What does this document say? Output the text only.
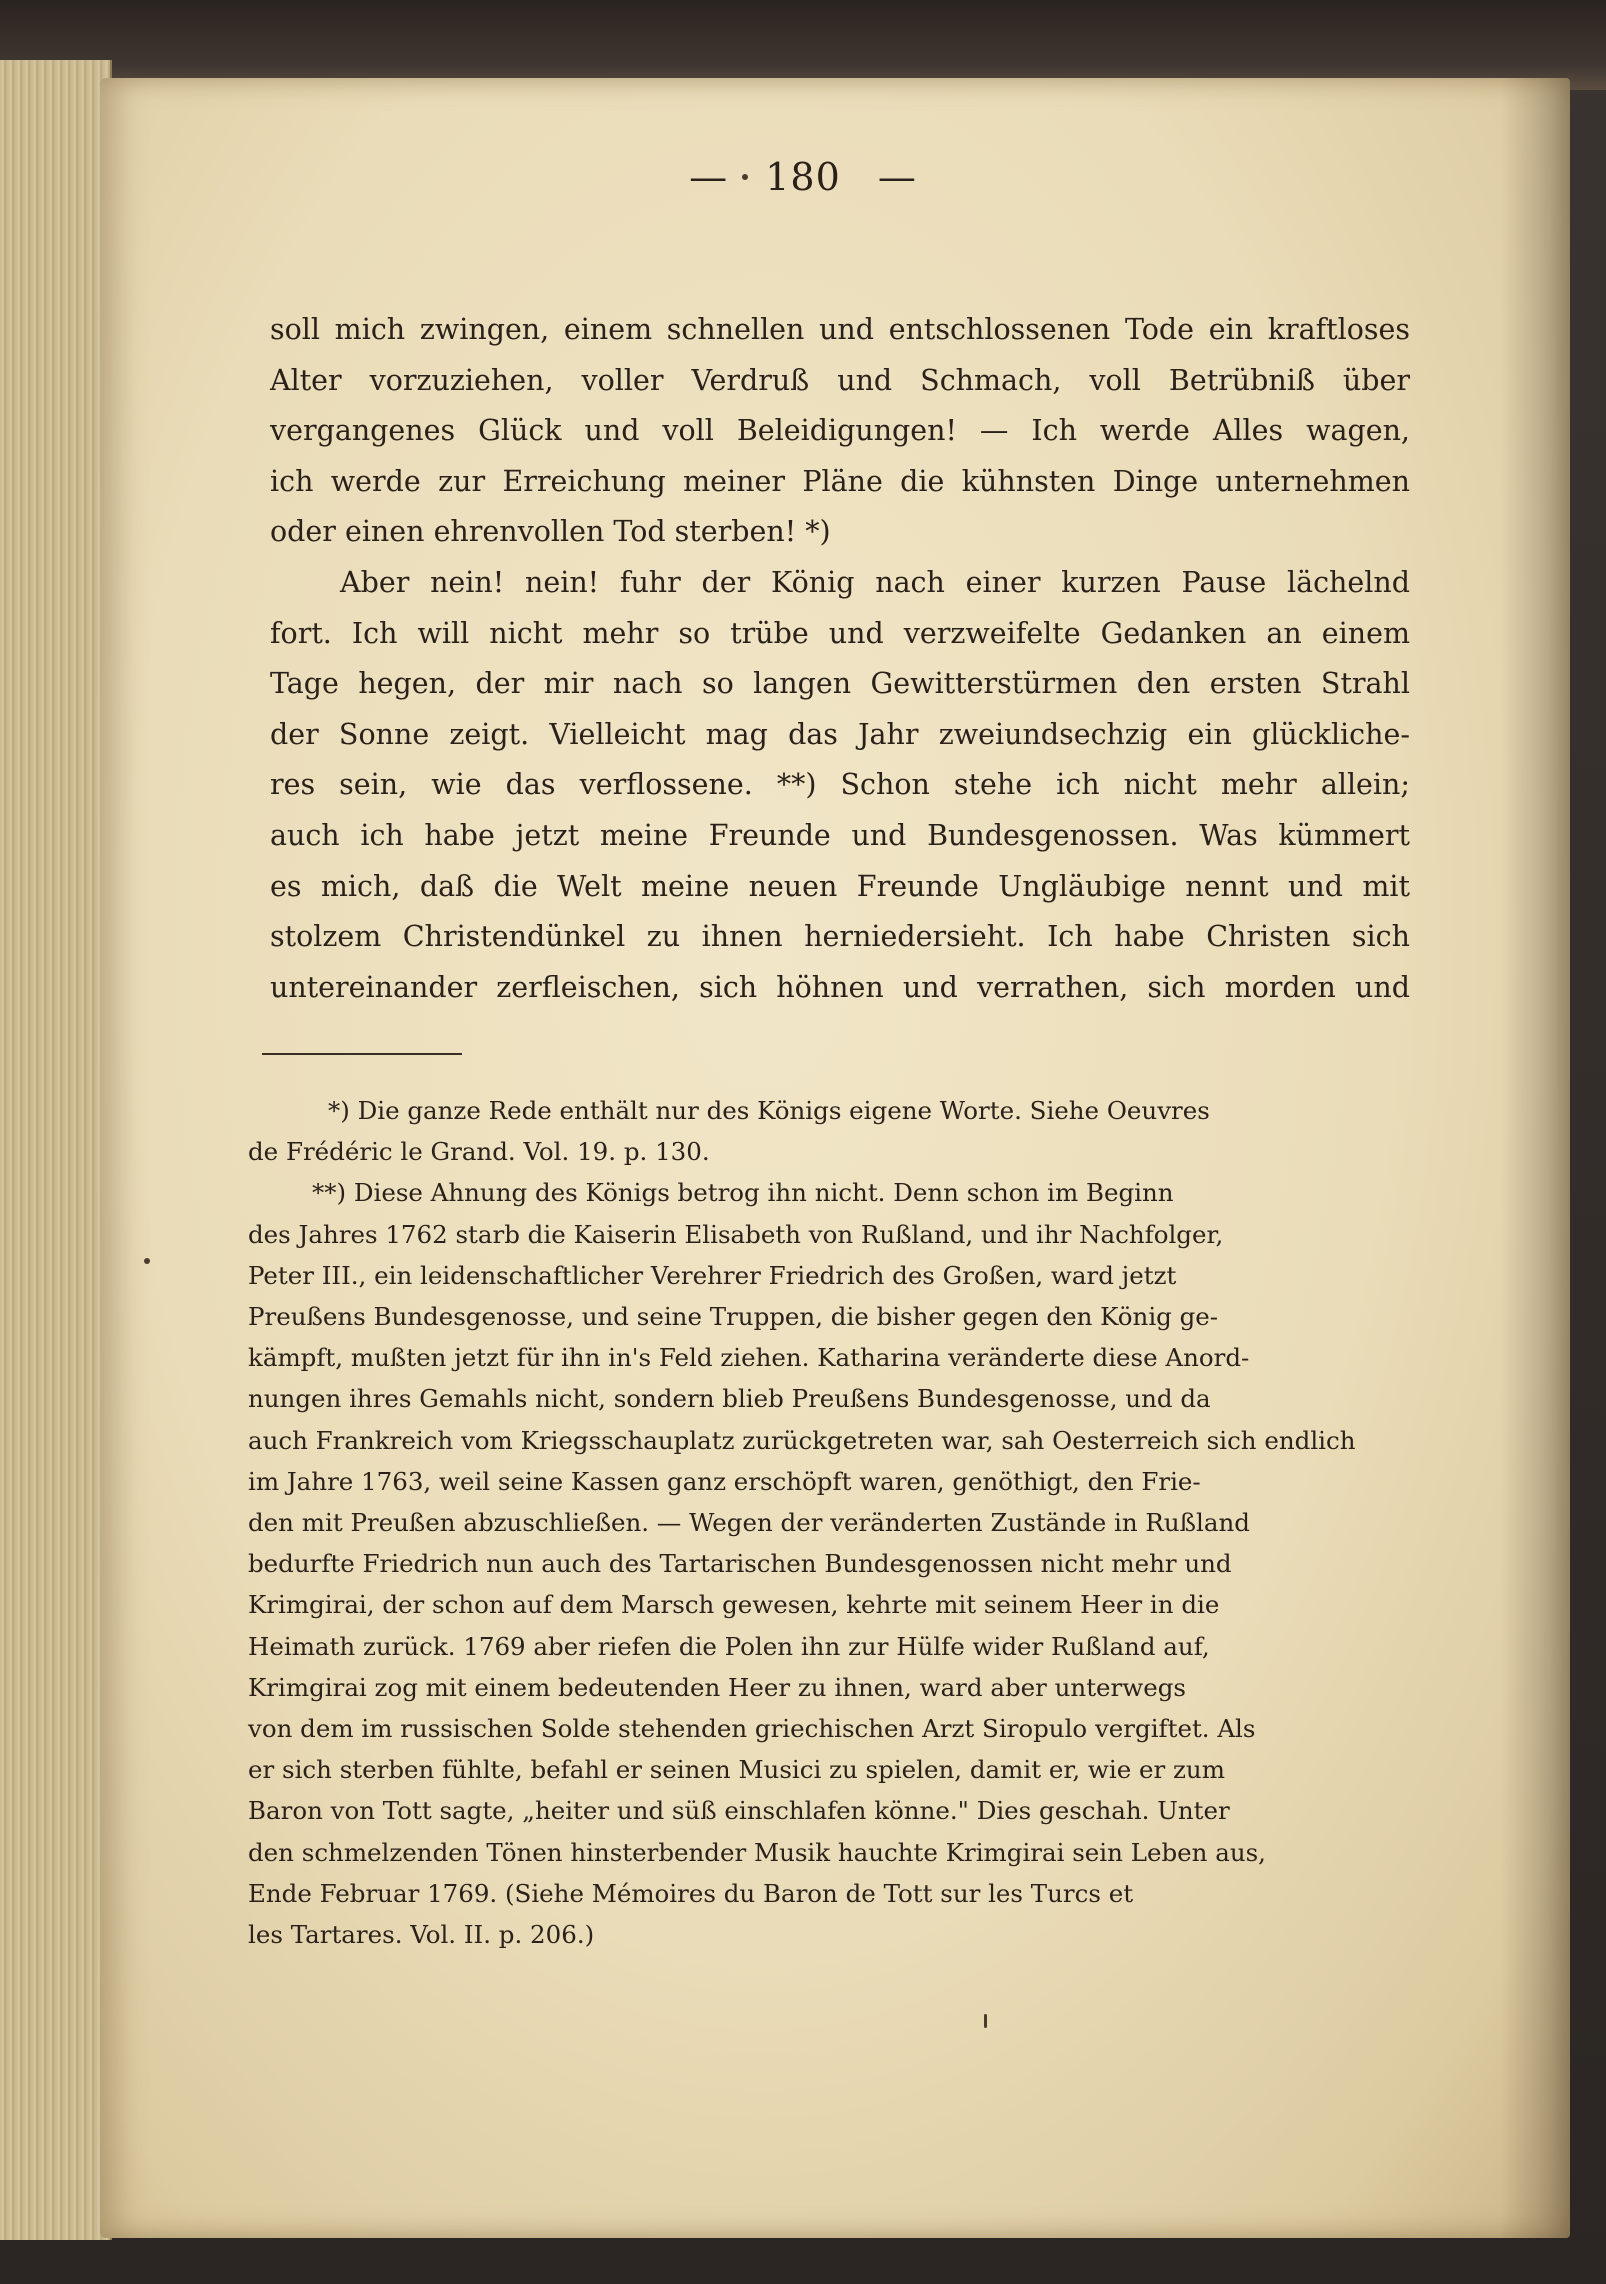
— 180 —

soll mich zwingen, einem schnellen und entschlossenen Tode ein kraftloses

Alter vorzuziehen, voller Verdruß und Schmach, voll Betrübniß über

vergangenes Glück und voll Beleidigungen! — Ich werde Alles wagen,

ich werde zur Erreichung meiner Pläne die kühnsten Dinge unternehmen

oder einen ehrenvollen Tod sterben! *)

Aber nein! nein! fuhr der König nach einer kurzen Pause lächelnd

fort. Ich will nicht mehr so trübe und verzweifelte Gedanken an einem

Tage hegen, der mir nach so langen Gewitterstürmen den ersten Strahl

der Sonne zeigt. Vielleicht mag das Jahr zweiundsechzig ein glückliche-

res sein, wie das verflossene. **) Schon stehe ich nicht mehr allein;

auch ich habe jetzt meine Freunde und Bundesgenossen. Was kümmert

es mich, daß die Welt meine neuen Freunde Ungläubige nennt und mit

stolzem Christendünkel zu ihnen herniedersieht. Ich habe Christen sich

untereinander zerfleischen, sich höhnen und verrathen, sich morden und

*) Die ganze Rede enthält nur des Königs eigene Worte. Siehe Oeuvres

de Frédéric le Grand. Vol. 19. p. 130.

**) Diese Ahnung des Königs betrog ihn nicht. Denn schon im Beginn

des Jahres 1762 starb die Kaiserin Elisabeth von Rußland, und ihr Nachfolger,

Peter III., ein leidenschaftlicher Verehrer Friedrich des Großen, ward jetzt

Preußens Bundesgenosse, und seine Truppen, die bisher gegen den König ge-

kämpft, mußten jetzt für ihn in's Feld ziehen. Katharina veränderte diese Anord-

nungen ihres Gemahls nicht, sondern blieb Preußens Bundesgenosse, und da

auch Frankreich vom Kriegsschauplatz zurückgetreten war, sah Oesterreich sich endlich

im Jahre 1763, weil seine Kassen ganz erschöpft waren, genöthigt, den Frie-

den mit Preußen abzuschließen. — Wegen der veränderten Zustände in Rußland

bedurfte Friedrich nun auch des Tartarischen Bundesgenossen nicht mehr und

Krimgirai, der schon auf dem Marsch gewesen, kehrte mit seinem Heer in die

Heimath zurück. 1769 aber riefen die Polen ihn zur Hülfe wider Rußland auf,

Krimgirai zog mit einem bedeutenden Heer zu ihnen, ward aber unterwegs

von dem im russischen Solde stehenden griechischen Arzt Siropulo vergiftet. Als

er sich sterben fühlte, befahl er seinen Musici zu spielen, damit er, wie er zum

Baron von Tott sagte, „heiter und süß einschlafen könne." Dies geschah. Unter

den schmelzenden Tönen hinsterbender Musik hauchte Krimgirai sein Leben aus,

Ende Februar 1769. (Siehe Mémoires du Baron de Tott sur les Turcs et

les Tartares. Vol. II. p. 206.)
